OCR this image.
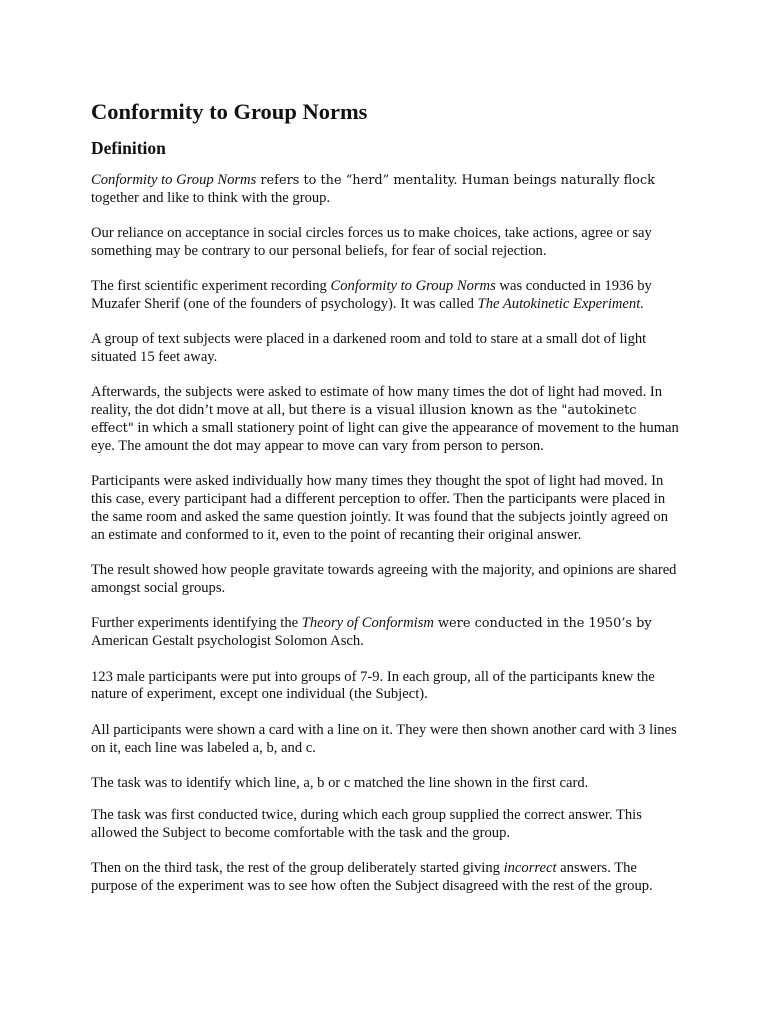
Conformity to Group Norms
Definition

Conformity to Group Norms refers to the “herd” mentality. Human beings naturally flock
together and like to think with the group.

Our reliance on acceptance in social circles forces us to make choices, take actions, agree or say something may be contrary to our personal beliefs, for fear of social rejection.

The first scientific experiment recording Conformity to Group Norms was conducted in 1936 by Muzafer Sherif (one of the founders of psychology). It was called The Autokinetic Experiment.

A group of text subjects were placed in a darkened room and told to stare at a small dot of light situated 15 feet away.

Afterwards, the subjects were asked to estimate of how many times the dot of light had moved. In reality, the dot didn’t move at all, but there is a visual illusion known as the "autokinetc effect" in which a small stationery point of light can give the appearance of movement to the human eye. The amount the dot may appear to move can vary from person to person.

Participants were asked individually how many times they thought the spot of light had moved. In this case, every participant had a different perception to offer. Then the participants were placed in the same room and asked the same question jointly. It was found that the subjects jointly agreed on an estimate and conformed to it, even to the point of recanting their original answer.

The result showed how people gravitate towards agreeing with the majority, and opinions are shared amongst social groups.

Further experiments identifying the Theory of Conformism were conducted in the 1950’s by
American Gestalt psychologist Solomon Asch.

123 male participants were put into groups of 7-9. In each group, all of the participants knew the nature of experiment, except one individual (the Subject).

All participants were shown a card with a line on it. They were then shown another card with 3 lines on it, each line was labeled a, b, and c.

The task was to identify which line, a, b or c matched the line shown in the first card.

The task was first conducted twice, during which each group supplied the correct answer. This allowed the Subject to become comfortable with the task and the group.

Then on the third task, the rest of the group deliberately started giving incorrect answers. The purpose of the experiment was to see how often the Subject disagreed with the rest of the group.
